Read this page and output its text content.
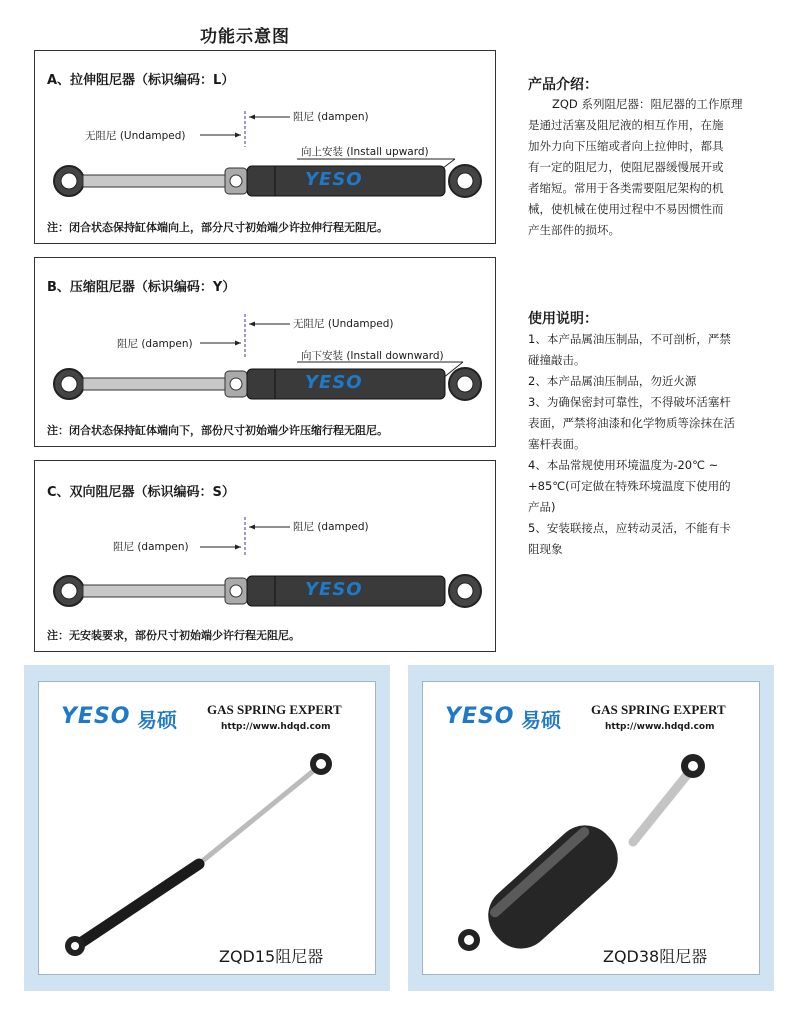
功能示意图
A、拉伸阻尼器（标识编码：L）
阻尼 (dampen)
无阻尼 (Undamped)
向上安装 (Install upward)
YESO
注：闭合状态保持缸体端向上，部分尺寸初始端少许拉伸行程无阻尼。
B、压缩阻尼器（标识编码：Y）
无阻尼 (Undamped)
阻尼 (dampen)
向下安装 (Install downward)
YESO
注：闭合状态保持缸体端向下，部份尺寸初始端少许压缩行程无阻尼。
C、双向阻尼器（标识编码：S）
阻尼 (damped)
阻尼 (dampen)
YESO
注：无安装要求，部份尺寸初始端少许行程无阻尼。
产品介绍：
ZQD 系列阻尼器：阻尼器的工作原理
是通过活塞及阻尼液的相互作用，在施
加外力向下压缩或者向上拉伸时，都具
有一定的阻尼力，使阻尼器缓慢展开或
者缩短。常用于各类需要阻尼架构的机
械，使机械在使用过程中不易因惯性而
产生部件的损坏。
使用说明：
1、本产品属油压制品，不可剖析，严禁
碰撞敲击。
2、本产品属油压制品，勿近火源
3、为确保密封可靠性，不得破坏活塞杆
表面，严禁将油漆和化学物质等涂抹在活
塞杆表面。
4、本品常规使用环境温度为-20℃ ~
+85℃(可定做在特殊环境温度下使用的
产品)
5、安装联接点，应转动灵活，不能有卡
阻现象
YESO 易硕 GAS SPRING EXPERT
http://www.hdqd.com
ZQD15阻尼器
YESO 易硕 GAS SPRING EXPERT
http://www.hdqd.com
ZQD38阻尼器
